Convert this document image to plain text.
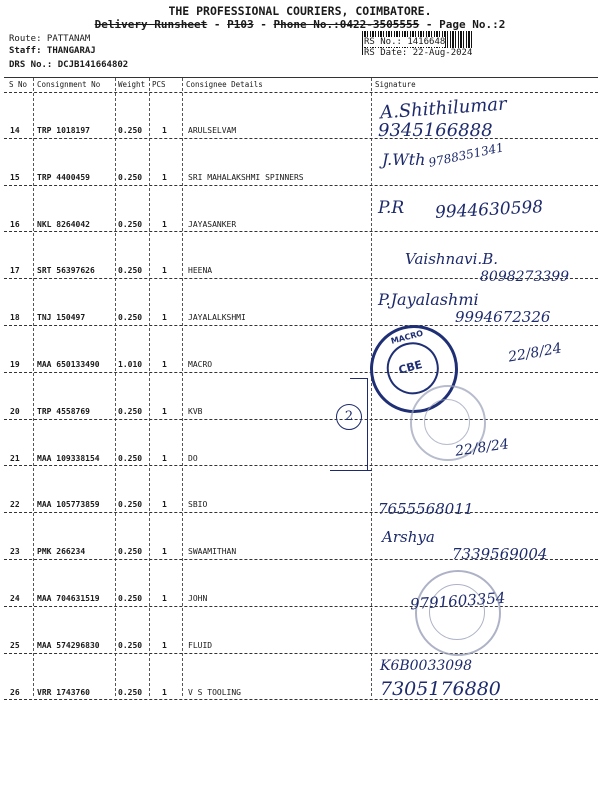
THE PROFESSIONAL COURIERS, COIMBATORE.
Delivery Runsheet - P103 - Phone No.:0422-3505555 - Page No.:2
Route: PATTANAM
Staff: THANGARAJ
DRS No.: DCJB141664802
RS No.: 1416648
RS Date: 22-Aug-2024
S No Consignment No Weight PCS	Consignee Details	Signature
14 TRP 1018197	0.250 1	ARULSELVAM
15 TRP 4400459	0.250 1	SRI MAHALAKSHMI SPINNERS
16 NKL 8264042	0.250 1	JAYASANKER
17 SRT 56397626	0.250 1	HEENA
18 TNJ 150497	0.250 1	JAYALALKSHMI
19 MAA 650133490 1.010 1	MACRO
20 TRP 4558769	0.250 1	KVB
21 MAA 109338154 0.250 1	DO
22 MAA 105773859 0.250 1	SBIO
23 PMK 266234	0.250 1	SWAAMITHAN
24 MAA 704631519 0.250 1	JOHN
25 MAA 574296830 0.250 1	FLUID
26 VRR 1743760	0.250 1	V S TOOLING
MACRO
CBE
2
A.Shithilumar
9345166888
J.Wth 9788351341
P.R 9944630598
Vaishnavi.B.
8098273399
P.Jayalashmi
9994672326
22/8/24
22/8/24
7655568011
Arshya
7339569004
9791603354
K6B0033098
7305176880
